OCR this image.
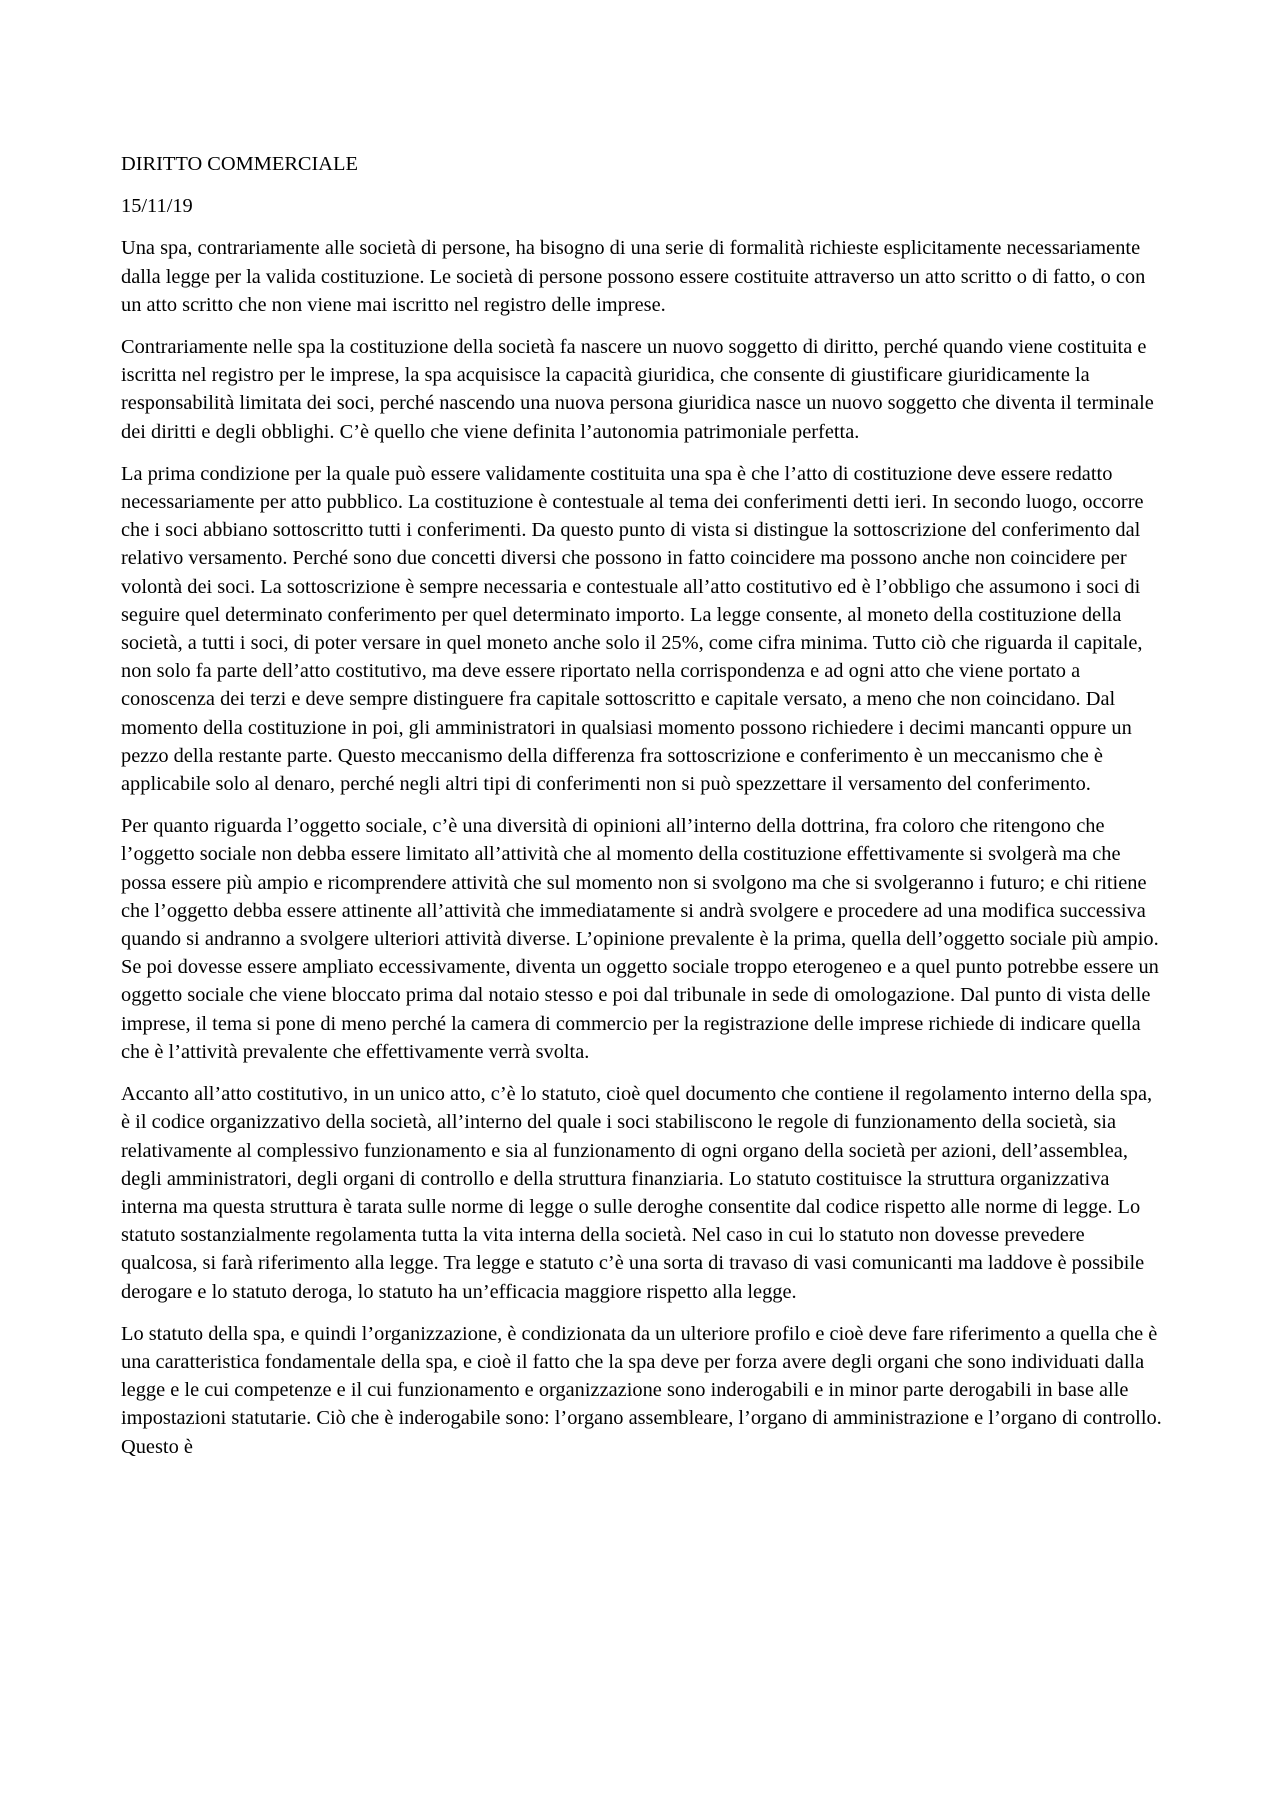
DIRITTO COMMERCIALE

15/11/19

Una spa, contrariamente alle società di persone, ha bisogno di una serie di formalità richieste esplicitamente necessariamente dalla legge per la valida costituzione. Le società di persone possono essere costituite attraverso un atto scritto o di fatto, o con un atto scritto che non viene mai iscritto nel registro delle imprese.

Contrariamente nelle spa la costituzione della società fa nascere un nuovo soggetto di diritto, perché quando viene costituita e iscritta nel registro per le imprese, la spa acquisisce la capacità giuridica, che consente di giustificare giuridicamente la responsabilità limitata dei soci, perché nascendo una nuova persona giuridica nasce un nuovo soggetto che diventa il terminale dei diritti e degli obblighi. C’è quello che viene definita l’autonomia patrimoniale perfetta.

La prima condizione per la quale può essere validamente costituita una spa è che l’atto di costituzione deve essere redatto necessariamente per atto pubblico. La costituzione è contestuale al tema dei conferimenti detti ieri. In secondo luogo, occorre che i soci abbiano sottoscritto tutti i conferimenti. Da questo punto di vista si distingue la sottoscrizione del conferimento dal relativo versamento. Perché sono due concetti diversi che possono in fatto coincidere ma possono anche non coincidere per volontà dei soci. La sottoscrizione è sempre necessaria e contestuale all’atto costitutivo ed è l’obbligo che assumono i soci di seguire quel determinato conferimento per quel determinato importo. La legge consente, al moneto della costituzione della società, a tutti i soci, di poter versare in quel moneto anche solo il 25%, come cifra minima. Tutto ciò che riguarda il capitale, non solo fa parte dell’atto costitutivo, ma deve essere riportato nella corrispondenza e ad ogni atto che viene portato a conoscenza dei terzi e deve sempre distinguere fra capitale sottoscritto e capitale versato, a meno che non coincidano. Dal momento della costituzione in poi, gli amministratori in qualsiasi momento possono richiedere i decimi mancanti oppure un pezzo della restante parte. Questo meccanismo della differenza fra sottoscrizione e conferimento è un meccanismo che è applicabile solo al denaro, perché negli altri tipi di conferimenti non si può spezzettare il versamento del conferimento.

Per quanto riguarda l’oggetto sociale, c’è una diversità di opinioni all’interno della dottrina, fra coloro che ritengono che l’oggetto sociale non debba essere limitato all’attività che al momento della costituzione effettivamente si svolgerà ma che possa essere più ampio e ricomprendere attività che sul momento non si svolgono ma che si svolgeranno i futuro; e chi ritiene che l’oggetto debba essere attinente all’attività che immediatamente si andrà svolgere e procedere ad una modifica successiva quando si andranno a svolgere ulteriori attività diverse. L’opinione prevalente è la prima, quella dell’oggetto sociale più ampio. Se poi dovesse essere ampliato eccessivamente, diventa un oggetto sociale troppo eterogeneo e a quel punto potrebbe essere un oggetto sociale che viene bloccato prima dal notaio stesso e poi dal tribunale in sede di omologazione. Dal punto di vista delle imprese, il tema si pone di meno perché la camera di commercio per la registrazione delle imprese richiede di indicare quella che è l’attività prevalente che effettivamente verrà svolta.

Accanto all’atto costitutivo, in un unico atto, c’è lo statuto, cioè quel documento che contiene il regolamento interno della spa, è il codice organizzativo della società, all’interno del quale i soci stabiliscono le regole di funzionamento della società, sia relativamente al complessivo funzionamento e sia al funzionamento di ogni organo della società per azioni, dell’assemblea, degli amministratori, degli organi di controllo e della struttura finanziaria. Lo statuto costituisce la struttura organizzativa interna ma questa struttura è tarata sulle norme di legge o sulle deroghe consentite dal codice rispetto alle norme di legge. Lo statuto sostanzialmente regolamenta tutta la vita interna della società. Nel caso in cui lo statuto non dovesse prevedere qualcosa, si farà riferimento alla legge. Tra legge e statuto c’è una sorta di travaso di vasi comunicanti ma laddove è possibile derogare e lo statuto deroga, lo statuto ha un’efficacia maggiore rispetto alla legge.

Lo statuto della spa, e quindi l’organizzazione, è condizionata da un ulteriore profilo e cioè deve fare riferimento a quella che è una caratteristica fondamentale della spa, e cioè il fatto che la spa deve per forza avere degli organi che sono individuati dalla legge e le cui competenze e il cui funzionamento e organizzazione sono inderogabili e in minor parte derogabili in base alle impostazioni statutarie. Ciò che è inderogabile sono: l’organo assembleare, l’organo di amministrazione e l’organo di controllo. Questo è
